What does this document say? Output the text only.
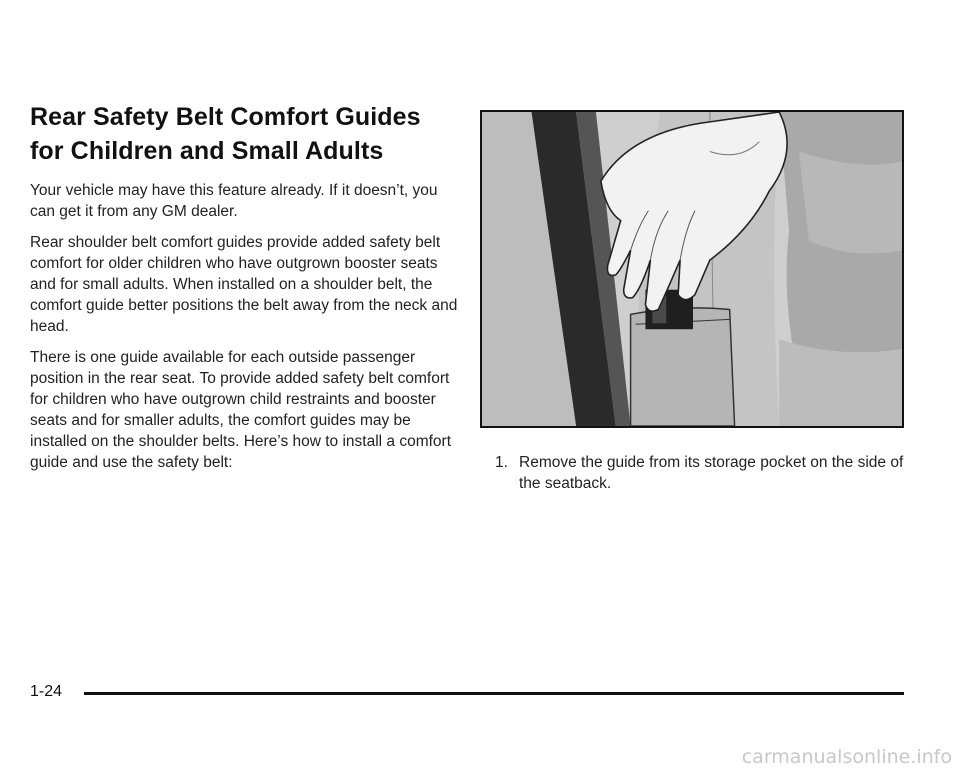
Rear Safety Belt Comfort Guides for Children and Small Adults

Your vehicle may have this feature already. If it doesn’t, you can get it from any GM dealer.

Rear shoulder belt comfort guides provide added safety belt comfort for older children who have outgrown booster seats and for small adults. When installed on a shoulder belt, the comfort guide better positions the belt away from the neck and head.

There is one guide available for each outside passenger position in the rear seat. To provide added safety belt comfort for children who have outgrown child restraints and booster seats and for smaller adults, the comfort guides may be installed on the shoulder belts. Here’s how to install a comfort guide and use the safety belt:	1. Remove the guide from its storage pocket on the side of the seatback.
1-24
carmanualsonline.info
